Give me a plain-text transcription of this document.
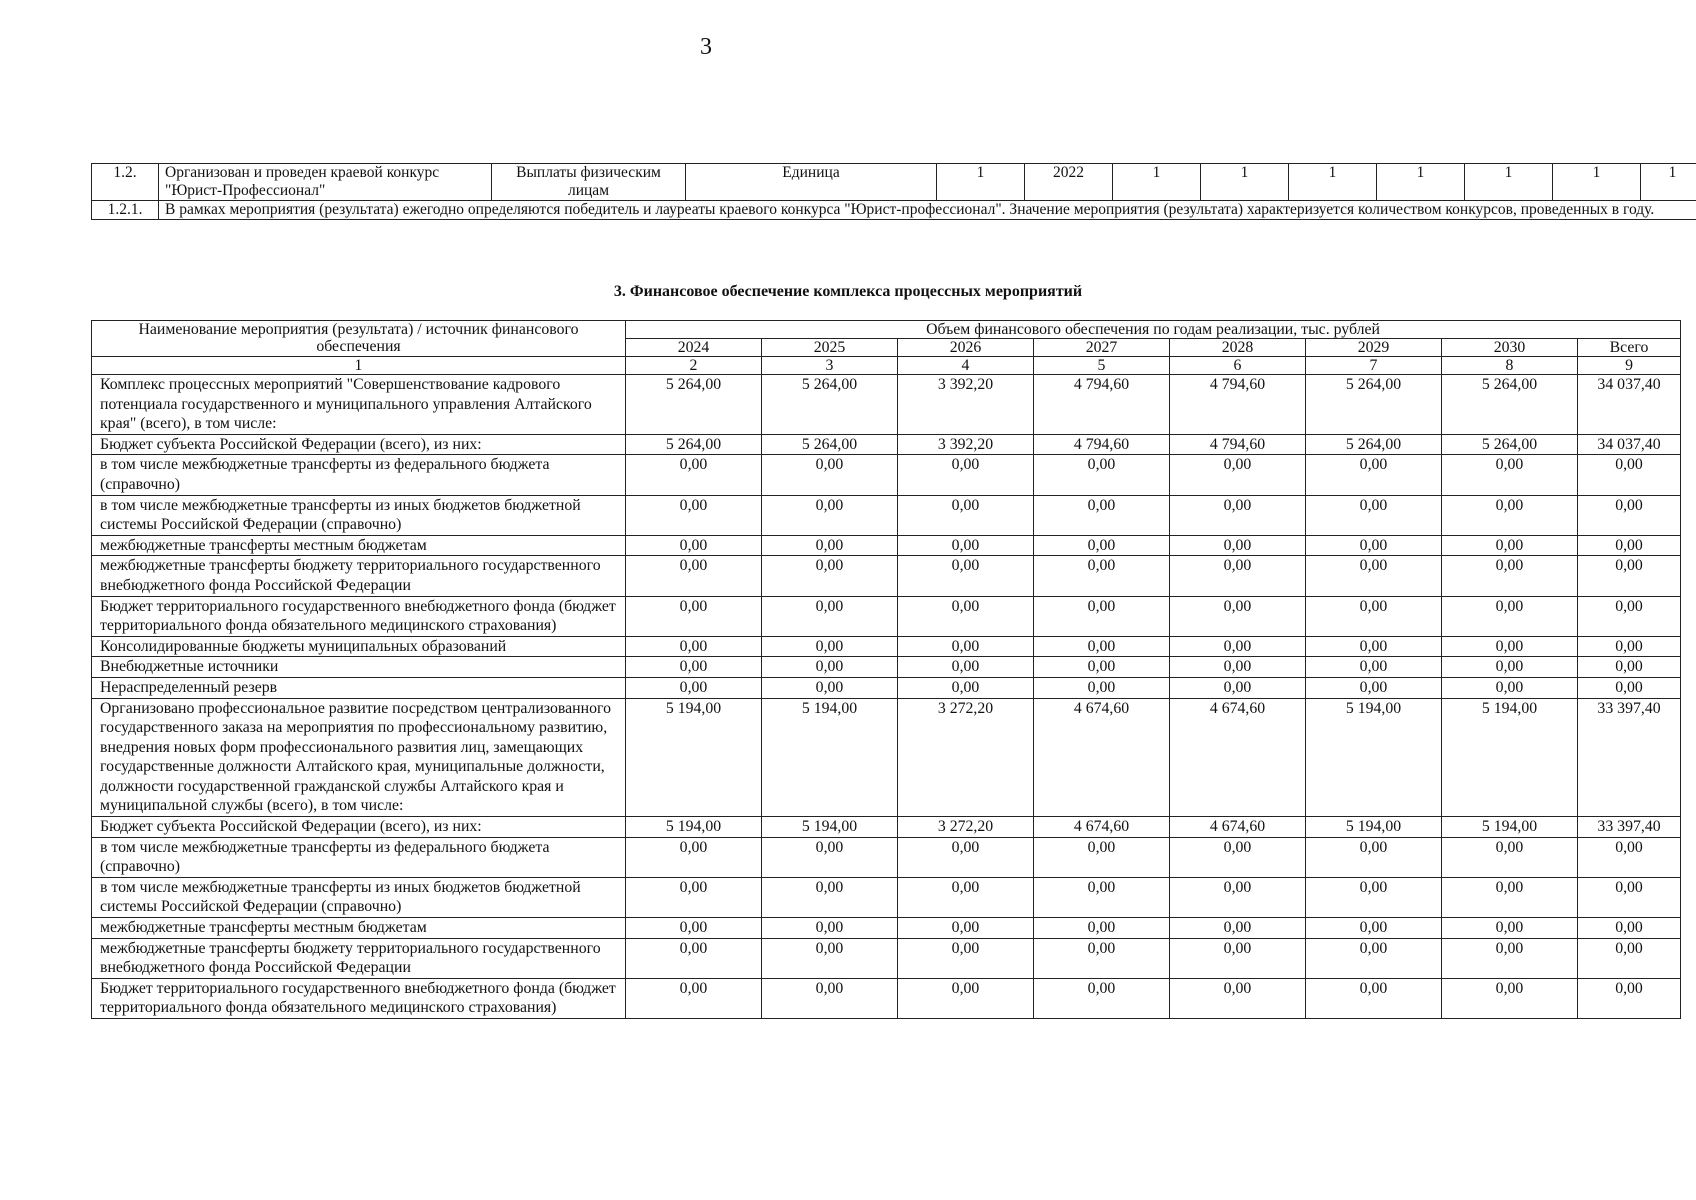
3
1.2.	Организован и проведен краевой конкурс "Юрист-Профессионал"	Выплаты физическим лицам	Единица	1	2022	1	1	1	1	1	1	1
1.2.1.	В рамках мероприятия (результата) ежегодно определяются победитель и лауреаты краевого конкурса "Юрист-профессионал". Значение мероприятия (результата) характеризуется количеством конкурсов, проведенных в году.											
3. Финансовое обеспечение комплекса процессных мероприятий
Наименование мероприятия (результата) / источник финансового обеспечения	Объем финансового обеспечения по годам реализации, тыс. рублей							
	2024	2025	2026	2027	2028	2029	2030	Всего
1	2	3	4	5	6	7	8	9
Комплекс процессных мероприятий "Совершенствование кадрового потенциала государственного и муниципального управления Алтайского края" (всего), в том числе:	5 264,00	5 264,00	3 392,20	4 794,60	4 794,60	5 264,00	5 264,00	34 037,40
Бюджет субъекта Российской Федерации (всего), из них:	5 264,00	5 264,00	3 392,20	4 794,60	4 794,60	5 264,00	5 264,00	34 037,40
в том числе межбюджетные трансферты из федерального бюджета (справочно)	0,00	0,00	0,00	0,00	0,00	0,00	0,00	0,00
в том числе межбюджетные трансферты из иных бюджетов бюджетной системы Российской Федерации (справочно)	0,00	0,00	0,00	0,00	0,00	0,00	0,00	0,00
межбюджетные трансферты местным бюджетам	0,00	0,00	0,00	0,00	0,00	0,00	0,00	0,00
межбюджетные трансферты бюджету территориального государственного внебюджетного фонда Российской Федерации	0,00	0,00	0,00	0,00	0,00	0,00	0,00	0,00
Бюджет территориального государственного внебюджетного фонда (бюджет территориального фонда обязательного медицинского страхования)	0,00	0,00	0,00	0,00	0,00	0,00	0,00	0,00
Консолидированные бюджеты муниципальных образований	0,00	0,00	0,00	0,00	0,00	0,00	0,00	0,00
Внебюджетные источники	0,00	0,00	0,00	0,00	0,00	0,00	0,00	0,00
Нераспределенный резерв	0,00	0,00	0,00	0,00	0,00	0,00	0,00	0,00
Организовано профессиональное развитие посредством централизованного государственного заказа на мероприятия по профессиональному развитию, внедрения новых форм профессионального развития лиц, замещающих государственные должности Алтайского края, муниципальные должности, должности государственной гражданской службы Алтайского края и муниципальной службы (всего), в том числе:	5 194,00	5 194,00	3 272,20	4 674,60	4 674,60	5 194,00	5 194,00	33 397,40
Бюджет субъекта Российской Федерации (всего), из них:	5 194,00	5 194,00	3 272,20	4 674,60	4 674,60	5 194,00	5 194,00	33 397,40
в том числе межбюджетные трансферты из федерального бюджета (справочно)	0,00	0,00	0,00	0,00	0,00	0,00	0,00	0,00
в том числе межбюджетные трансферты из иных бюджетов бюджетной системы Российской Федерации (справочно)	0,00	0,00	0,00	0,00	0,00	0,00	0,00	0,00
межбюджетные трансферты местным бюджетам	0,00	0,00	0,00	0,00	0,00	0,00	0,00	0,00
межбюджетные трансферты бюджету территориального государственного внебюджетного фонда Российской Федерации	0,00	0,00	0,00	0,00	0,00	0,00	0,00	0,00
Бюджет территориального государственного внебюджетного фонда (бюджет территориального фонда обязательного медицинского страхования)	0,00	0,00	0,00	0,00	0,00	0,00	0,00	0,00
